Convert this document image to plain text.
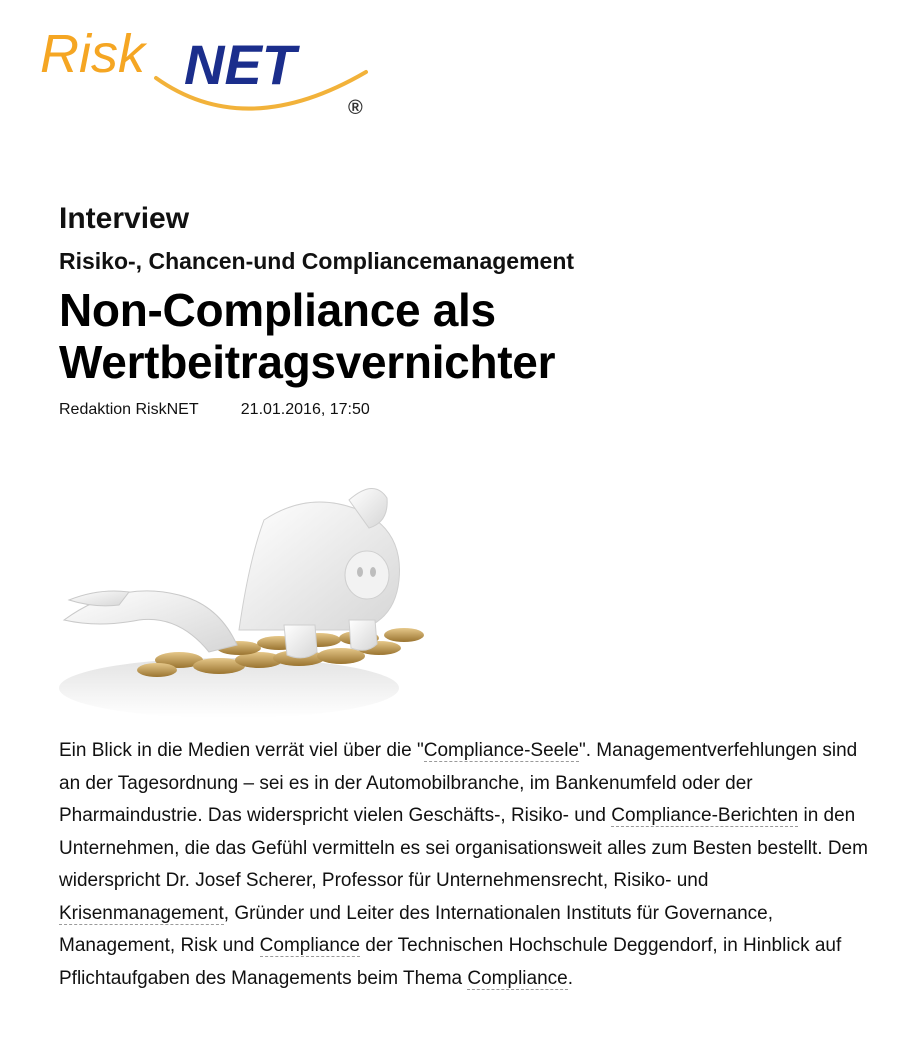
Risk NET
®
Interview
Risiko-, Chancen-und Compliancemanagement
Non-Compliance als
Wertbeitragsvernichter
Redaktion RiskNET	21.01.2016, 17:50

Ein Blick in die Medien verrät viel über die "Compliance-Seele". Managementverfehlungen sind an der Tagesordnung – sei es in der Automobilbranche, im Bankenumfeld oder der Pharmaindustrie. Das widerspricht vielen Geschäfts-, Risiko- und Compliance-Berichten in den Unternehmen, die das Gefühl vermitteln es sei organisationsweit alles zum Besten bestellt. Dem widerspricht Dr. Josef Scherer, Professor für Unternehmensrecht, Risiko- und Krisenmanagement, Gründer und Leiter des Internationalen Instituts für Governance, Management, Risk und Compliance der Technischen Hochschule Deggendorf, in Hinblick auf Pflichtaufgaben des Managements beim Thema Compliance.
